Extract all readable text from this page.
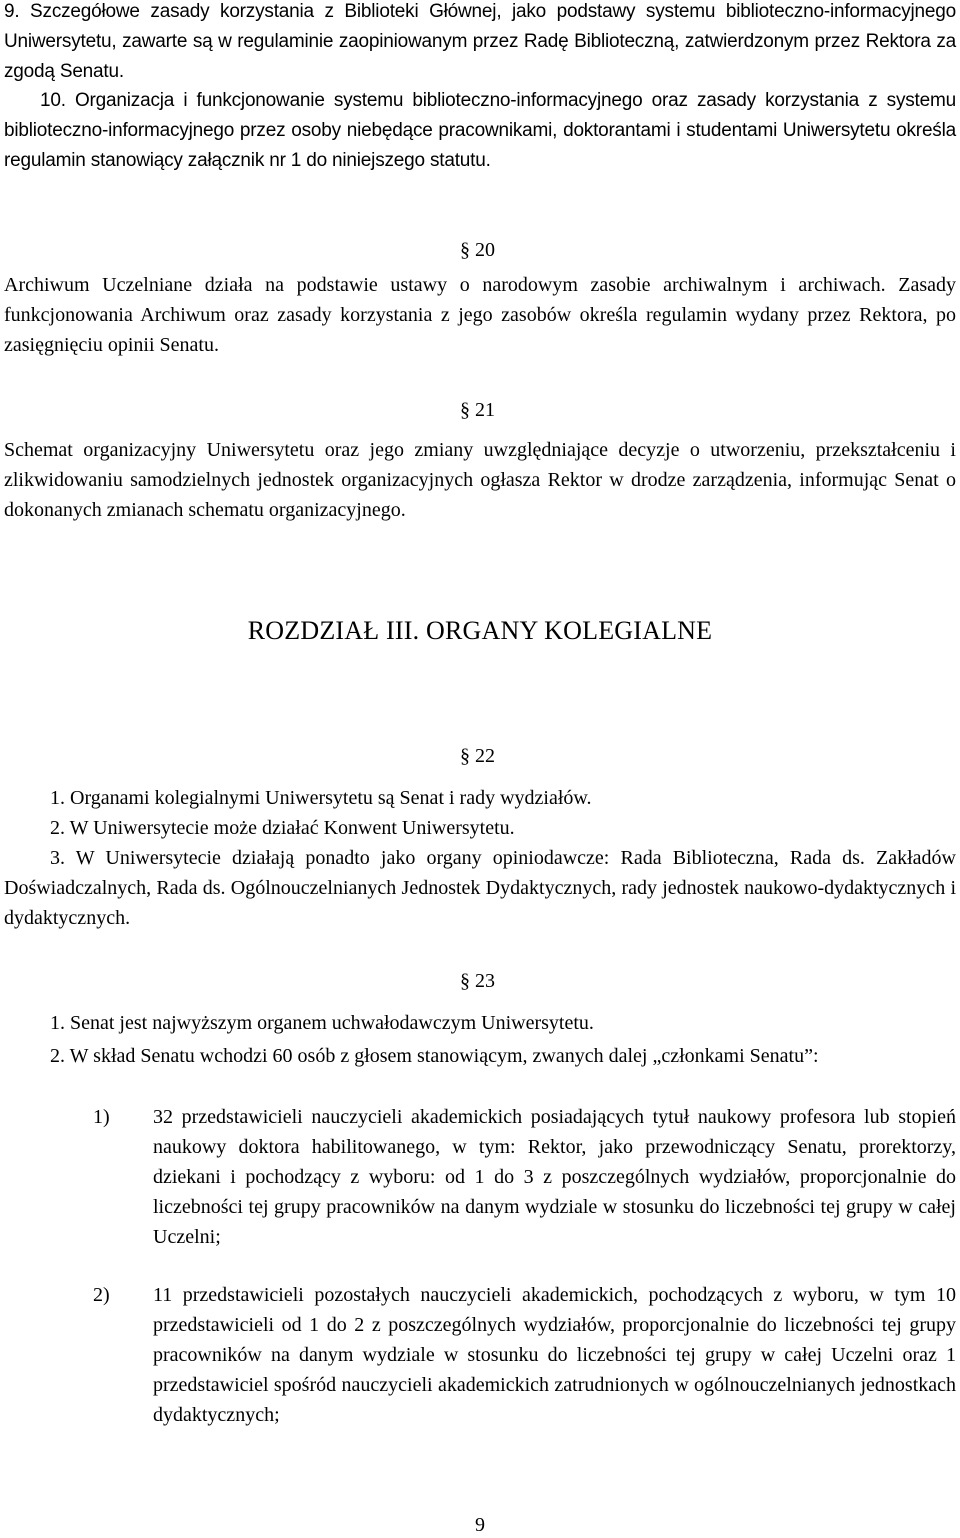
9. Szczegółowe zasady korzystania z Biblioteki Głównej, jako podstawy systemu biblioteczno-informacyjnego Uniwersytetu, zawarte są w regulaminie zaopiniowanym przez Radę Biblioteczną, zatwierdzonym przez Rektora za zgodą Senatu.

10. Organizacja i funkcjonowanie systemu biblioteczno-informacyjnego oraz zasady korzystania z systemu biblioteczno-informacyjnego przez osoby niebędące pracownikami, doktorantami i studentami Uniwersytetu określa regulamin stanowiący załącznik nr 1 do niniejszego statutu.

§ 20

Archiwum Uczelniane działa na podstawie ustawy o narodowym zasobie archiwalnym i archiwach. Zasady funkcjonowania Archiwum oraz zasady korzystania z jego zasobów określa regulamin wydany przez Rektora, po zasięgnięciu opinii Senatu.

§ 21

Schemat organizacyjny Uniwersytetu oraz jego zmiany uwzględniające decyzje o utworzeniu, przekształceniu i zlikwidowaniu samodzielnych jednostek organizacyjnych ogłasza Rektor w drodze zarządzenia, informując Senat o dokonanych zmianach schematu organizacyjnego.

ROZDZIAŁ III. ORGANY KOLEGIALNE
§ 22

1. Organami kolegialnymi Uniwersytetu są Senat i rady wydziałów.

2. W Uniwersytecie może działać Konwent Uniwersytetu.

3. W Uniwersytecie działają ponadto jako organy opiniodawcze: Rada Biblioteczna, Rada ds. Zakładów Doświadczalnych, Rada ds. Ogólnouczelnianych Jednostek Dydaktycznych, rady jednostek naukowo-dydaktycznych i dydaktycznych.

§ 23

1. Senat jest najwyższym organem uchwałodawczym Uniwersytetu.

2. W skład Senatu wchodzi 60 osób z głosem stanowiącym, zwanych dalej „członkami Senatu”:

1) 32 przedstawicieli nauczycieli akademickich posiadających tytuł naukowy profesora lub stopień naukowy doktora habilitowanego, w tym: Rektor, jako przewodniczący Senatu, prorektorzy, dziekani i pochodzący z wyboru: od 1 do 3 z poszczególnych wydziałów, proporcjonalnie do liczebności tej grupy pracowników na danym wydziale w stosunku do liczebności tej grupy w całej Uczelni;

2) 11 przedstawicieli pozostałych nauczycieli akademickich, pochodzących z wyboru, w tym 10 przedstawicieli od 1 do 2 z poszczególnych wydziałów, proporcjonalnie do liczebności tej grupy pracowników na danym wydziale w stosunku do liczebności tej grupy w całej Uczelni oraz 1 przedstawiciel spośród nauczycieli akademickich zatrudnionych w ogólnouczelnianych jednostkach dydaktycznych;

9
